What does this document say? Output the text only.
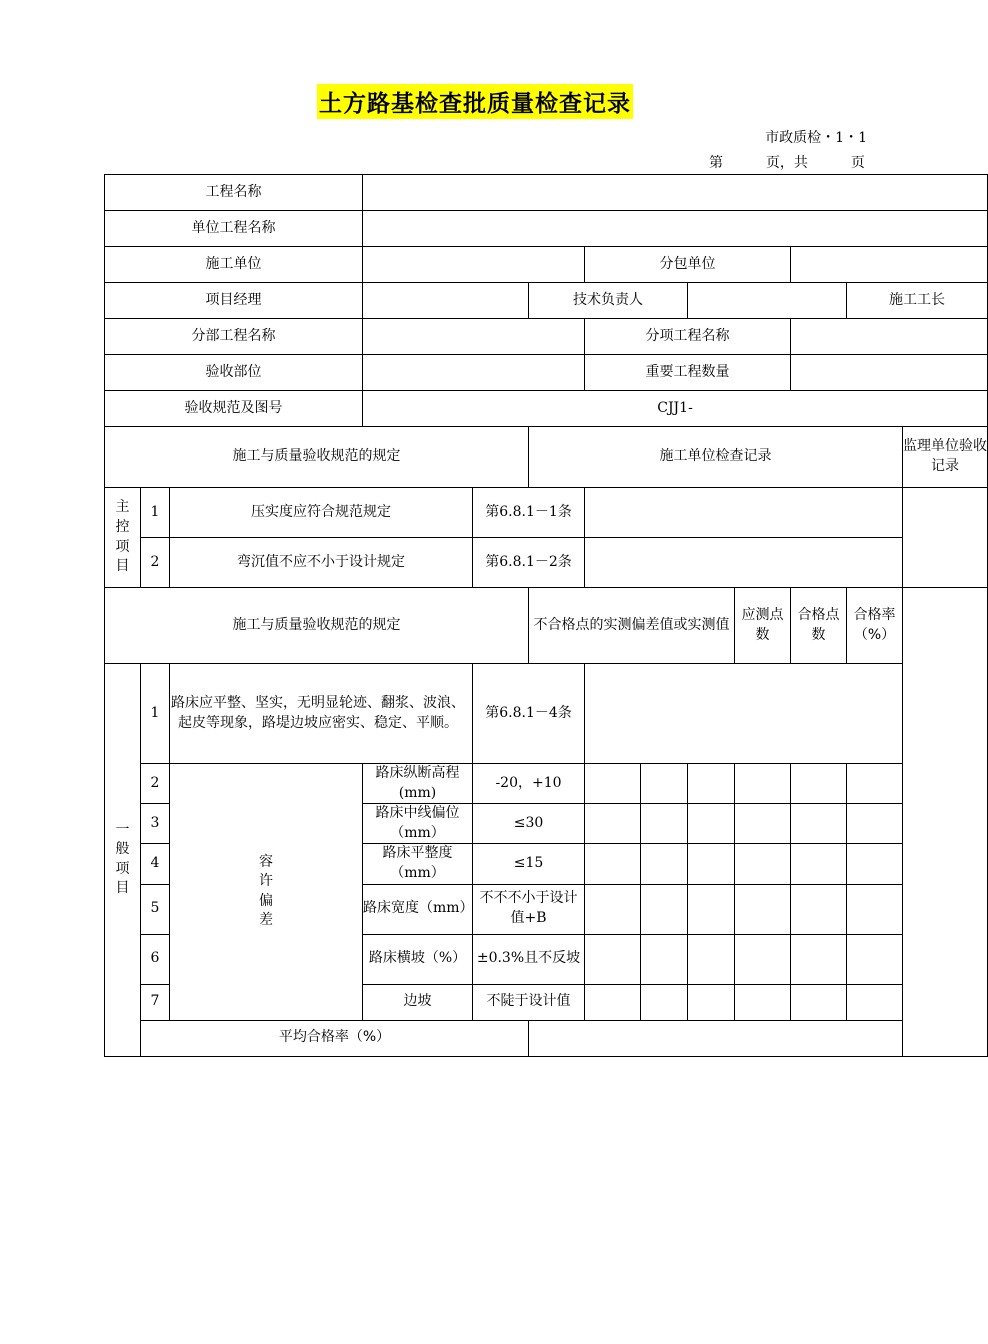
土方路基检查批质量检查记录
市政质检・1・1
第	页，共	页
工程名称												
单位工程名称												
施工单位						分包单位						
项目经理					技术负责人						施工工长	
分部工程名称						分项工程名称						
验收部位						重要工程数量						
验收规范及图号			CJJ1-									
施工与质量验收规范的规定					施工单位检查记录							监理单位验收记录
主控项目	1	压实度应符合规范规定		第6.8.1－1条								
	2	弯沉值不应不小于设计规定		第6.8.1－2条								
施工与质量验收规范的规定					不合格点的实测偏差值或实测值				应测点数	合格点数	合格率（%）	
一般项目	1	路床应平整、坚实，无明显轮迹、翻浆、波浪、起皮等现象，路堤边坡应密实、稳定、平顺。		第6.8.1－4条								
	2	容许偏差	路床纵断高程(mm)	-20，+10								
	3		路床中线偏位（mm）	≤30								
	4		路床平整度（mm）	≤15								
	5		路床宽度（mm）	不不不小于设计值+B								
	6		路床横坡（%）	±0.3%且不反坡								
	7		边坡	不陡于设计值								
	平均合格率（%）											
